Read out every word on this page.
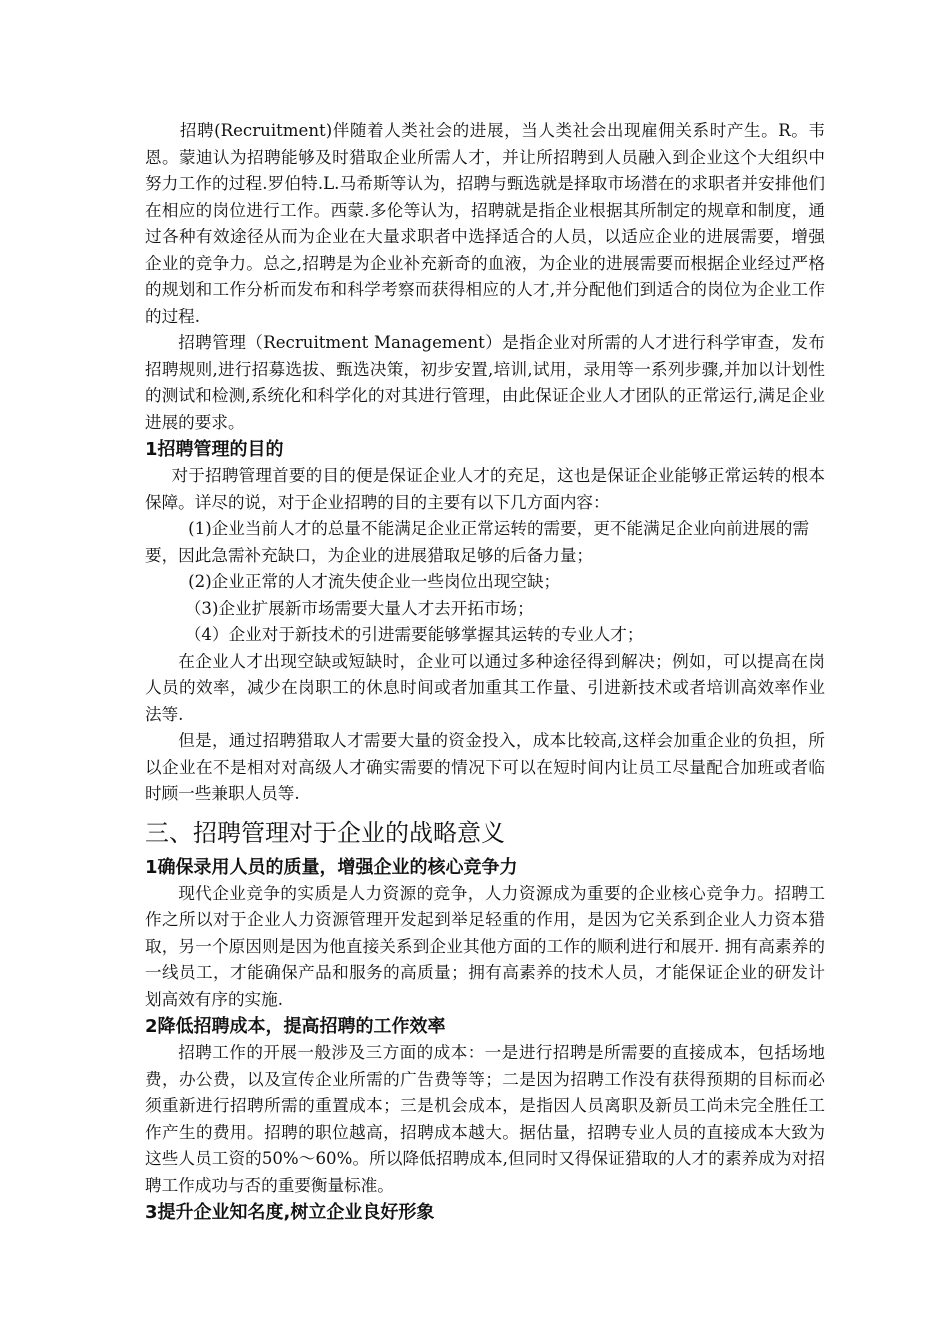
招聘(Recruitment)伴随着人类社会的进展，当人类社会出现雇佣关系时产生。R。韦恩。蒙迪认为招聘能够及时猎取企业所需人才，并让所招聘到人员融入到企业这个大组织中努力工作的过程.罗伯特.L.马希斯等认为，招聘与甄选就是择取市场潜在的求职者并安排他们在相应的岗位进行工作。西蒙.多伦等认为，招聘就是指企业根据其所制定的规章和制度，通过各种有效途径从而为企业在大量求职者中选择适合的人员，以适应企业的进展需要，增强企业的竞争力。总之,招聘是为企业补充新奇的血液，为企业的进展需要而根据企业经过严格的规划和工作分析而发布和科学考察而获得相应的人才,并分配他们到适合的岗位为企业工作的过程.

招聘管理（Recruitment Management）是指企业对所需的人才进行科学审查，发布招聘规则,进行招募选拔、甄选决策，初步安置,培训,试用，录用等一系列步骤,并加以计划性的测试和检测,系统化和科学化的对其进行管理，由此保证企业人才团队的正常运行,满足企业进展的要求。

1招聘管理的目的

对于招聘管理首要的目的便是保证企业人才的充足，这也是保证企业能够正常运转的根本保障。详尽的说，对于企业招聘的目的主要有以下几方面内容：

(1)企业当前人才的总量不能满足企业正常运转的需要，更不能满足企业向前进展的需要，因此急需补充缺口，为企业的进展猎取足够的后备力量；

(2)企业正常的人才流失使企业一些岗位出现空缺；

（3)企业扩展新市场需要大量人才去开拓市场；

（4）企业对于新技术的引进需要能够掌握其运转的专业人才；

在企业人才出现空缺或短缺时，企业可以通过多种途径得到解决；例如，可以提高在岗人员的效率，减少在岗职工的休息时间或者加重其工作量、引进新技术或者培训高效率作业法等.

但是，通过招聘猎取人才需要大量的资金投入，成本比较高,这样会加重企业的负担，所以企业在不是相对对高级人才确实需要的情况下可以在短时间内让员工尽量配合加班或者临时顾一些兼职人员等.

三、招聘管理对于企业的战略意义

1确保录用人员的质量，增强企业的核心竞争力

现代企业竞争的实质是人力资源的竞争，人力资源成为重要的企业核心竞争力。招聘工作之所以对于企业人力资源管理开发起到举足轻重的作用，是因为它关系到企业人力资本猎取，另一个原因则是因为他直接关系到企业其他方面的工作的顺利进行和展开. 拥有高素养的一线员工，才能确保产品和服务的高质量；拥有高素养的技术人员，才能保证企业的研发计划高效有序的实施.

2降低招聘成本，提高招聘的工作效率

招聘工作的开展一般涉及三方面的成本：一是进行招聘是所需要的直接成本，包括场地费，办公费，以及宣传企业所需的广告费等等；二是因为招聘工作没有获得预期的目标而必须重新进行招聘所需的重置成本；三是机会成本，是指因人员离职及新员工尚未完全胜任工作产生的费用。招聘的职位越高，招聘成本越大。据估量，招聘专业人员的直接成本大致为这些人员工资的50%～60%。所以降低招聘成本,但同时又得保证猎取的人才的素养成为对招聘工作成功与否的重要衡量标准。

3提升企业知名度,树立企业良好形象
